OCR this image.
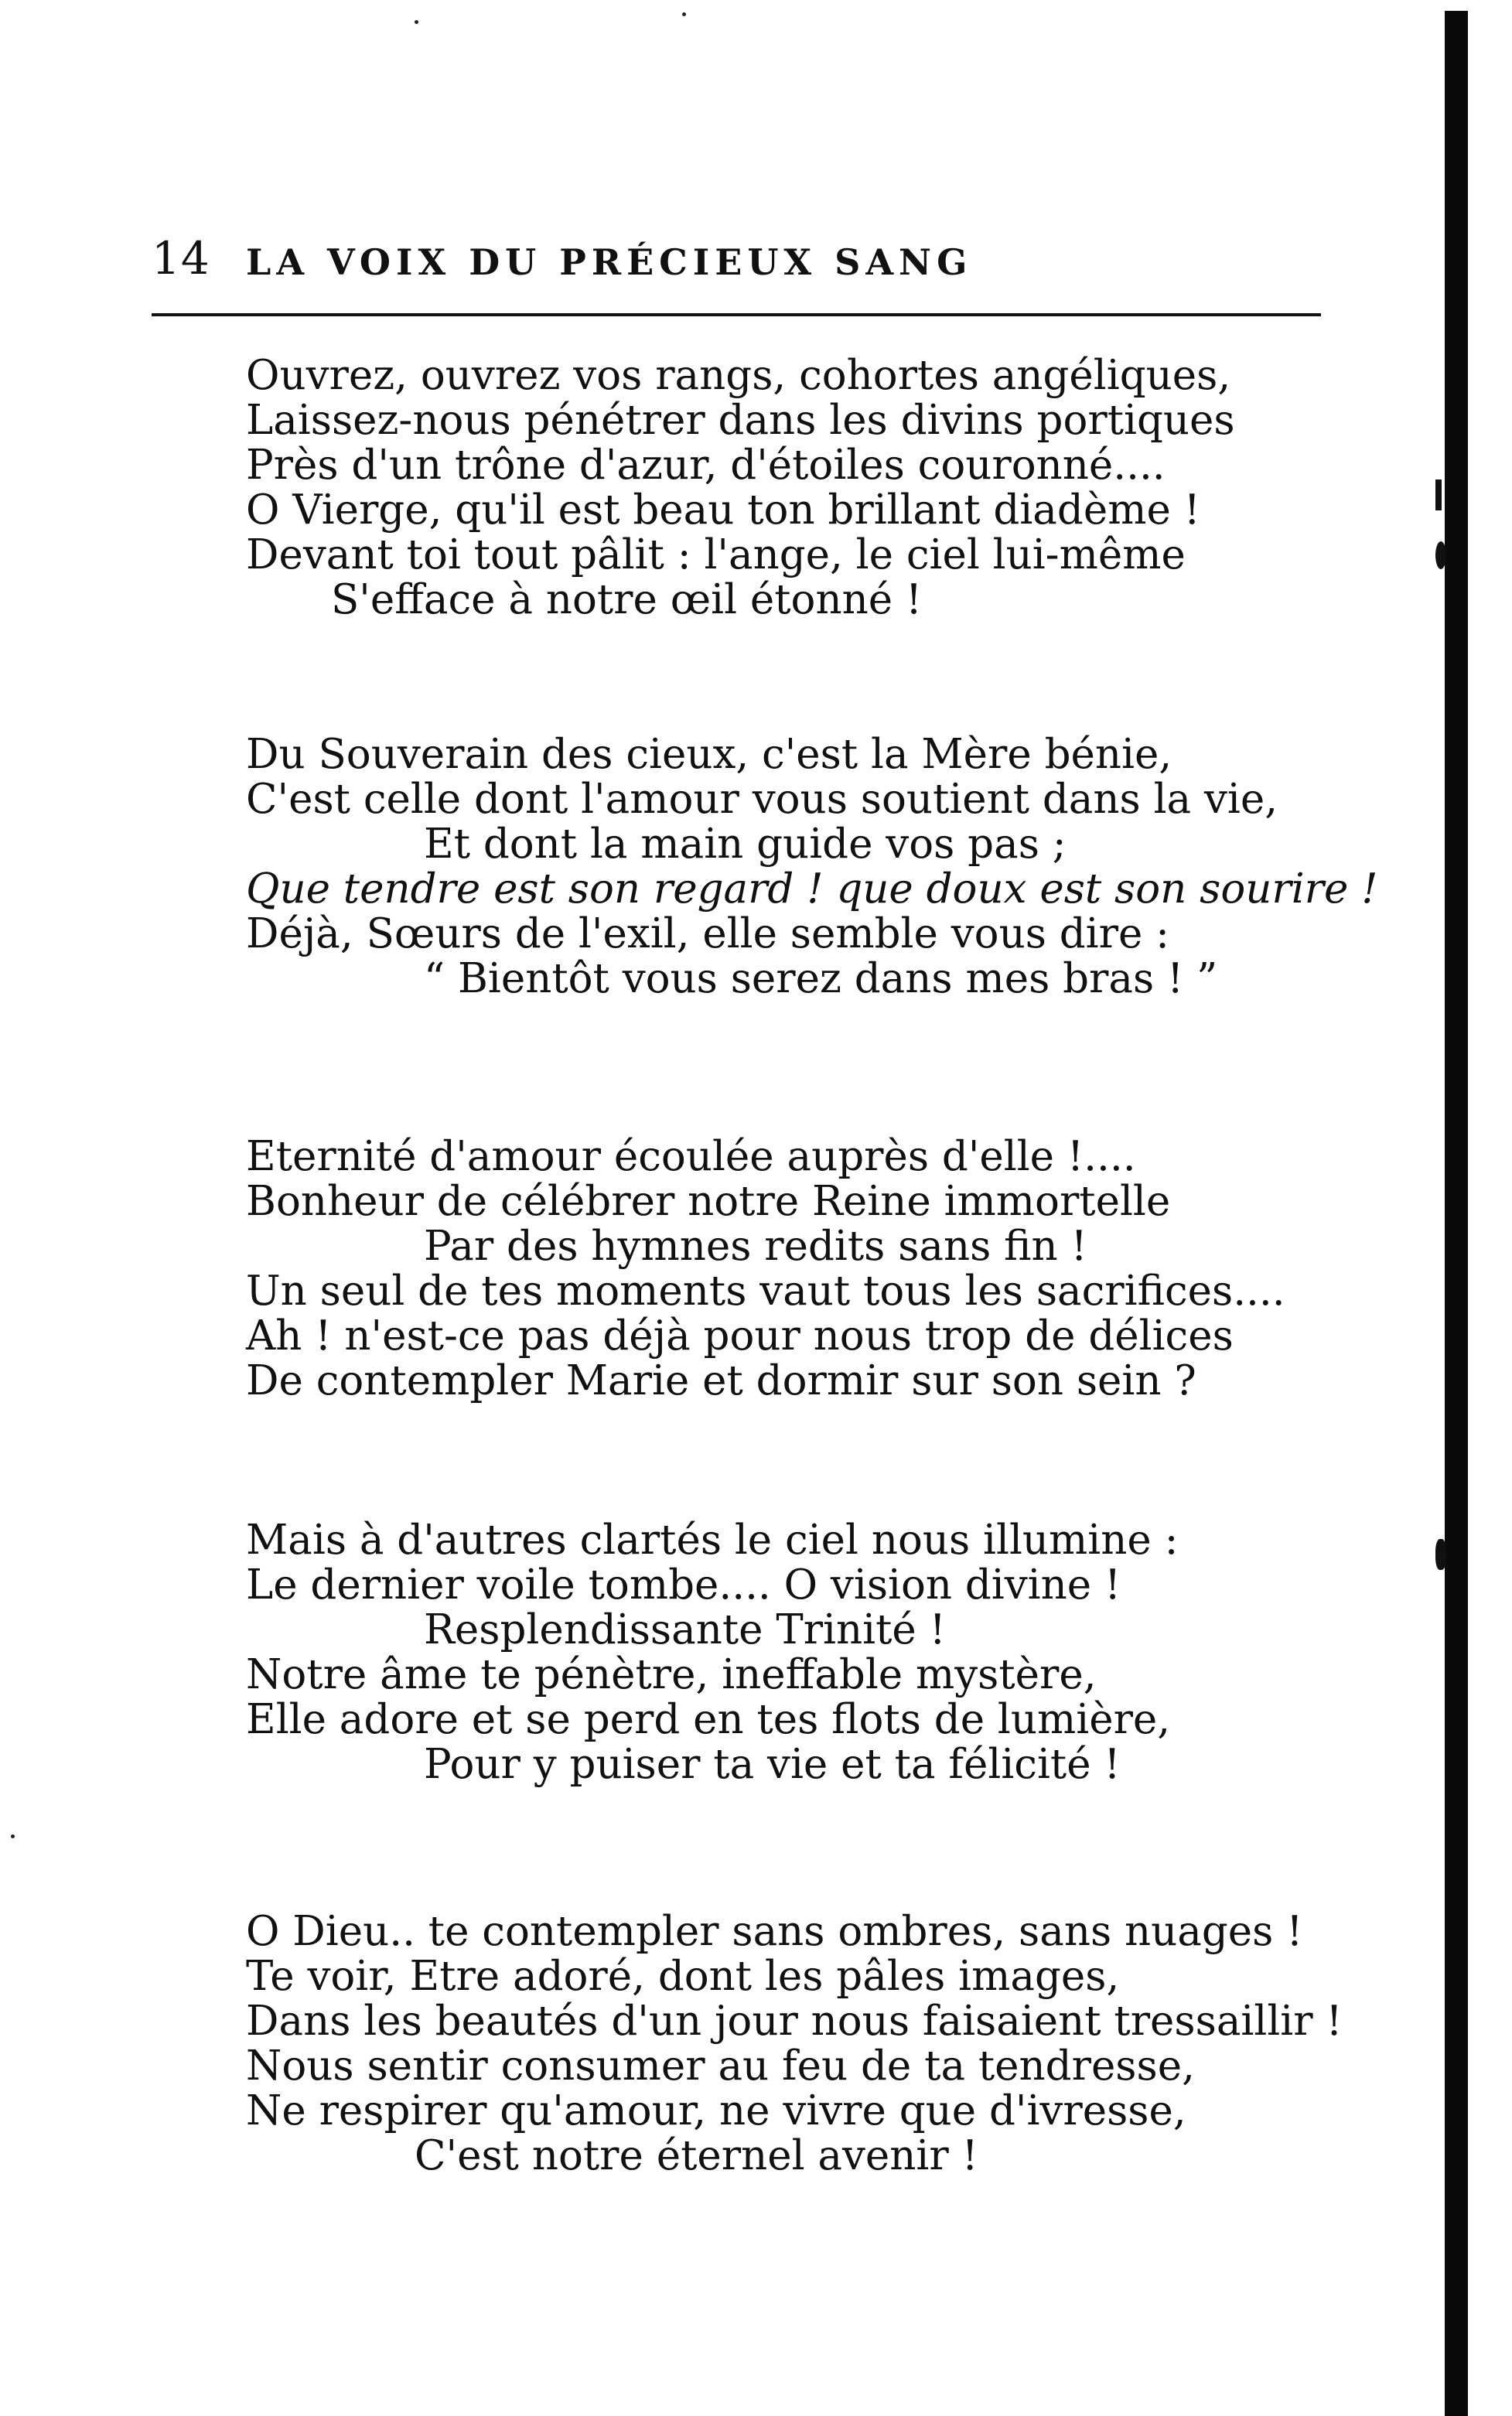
14 LA VOIX DU PRÉCIEUX SANG
Ouvrez, ouvrez vos rangs, cohortes angéliques,
Laissez-nous pénétrer dans les divins portiques
Près d'un trône d'azur, d'étoiles couronné....
O Vierge, qu'il est beau ton brillant diadème !
Devant toi tout pâlit : l'ange, le ciel lui-même
S'efface à notre œil étonné !
Du Souverain des cieux, c'est la Mère bénie,
C'est celle dont l'amour vous soutient dans la vie,
Et dont la main guide vos pas ;
Que tendre est son regard ! que doux est son sourire !
Déjà, Sœurs de l'exil, elle semble vous dire :
“ Bientôt vous serez dans mes bras ! ”
Eternité d'amour écoulée auprès d'elle !....
Bonheur de célébrer notre Reine immortelle
Par des hymnes redits sans fin !
Un seul de tes moments vaut tous les sacrifices....
Ah ! n'est-ce pas déjà pour nous trop de délices
De contempler Marie et dormir sur son sein ?
Mais à d'autres clartés le ciel nous illumine :
Le dernier voile tombe.... O vision divine !
Resplendissante Trinité !
Notre âme te pénètre, ineffable mystère,
Elle adore et se perd en tes flots de lumière,
Pour y puiser ta vie et ta félicité !
O Dieu.. te contempler sans ombres, sans nuages !
Te voir, Etre adoré, dont les pâles images,
Dans les beautés d'un jour nous faisaient tressaillir !
Nous sentir consumer au feu de ta tendresse,
Ne respirer qu'amour, ne vivre que d'ivresse,
C'est notre éternel avenir !
